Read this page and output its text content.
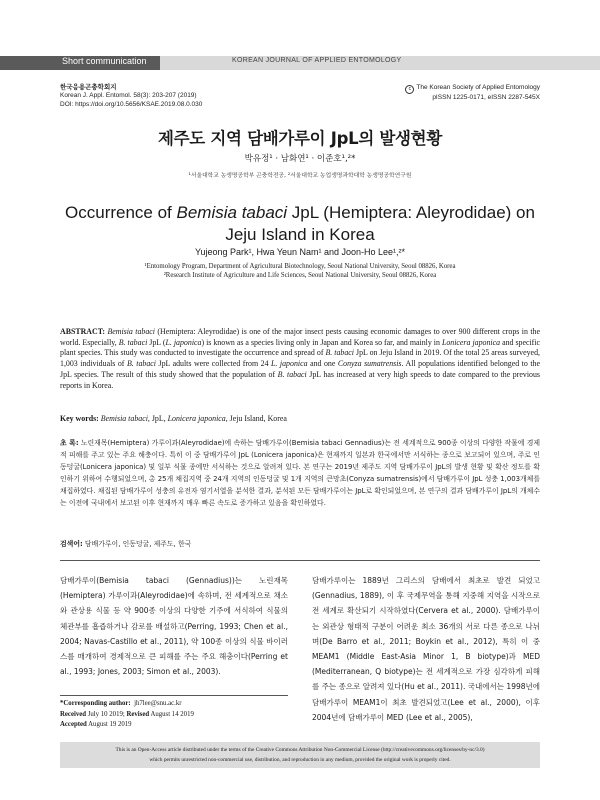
Short communication	KOREAN JOURNAL OF APPLIED ENTOMOLOGY
한국응용곤충학회지
Korean J. Appl. Entomol. 58(3): 203-207 (2019)
DOI: https://doi.org/10.5656/KSAE.2019.08.0.030
c The Korean Society of Applied Entomology
pISSN 1225-0171, eISSN 2287-545X
제주도 지역 담배가루이 JpL의 발생현황
박유정¹ · 남화연¹ · 이준호¹,²*
¹서울대학교 농생명공학부 곤충학전공, ²서울대학교 농업생명과학대학 농생명공학연구원
Occurrence of Bemisia tabaci JpL (Hemiptera: Aleyrodidae) on
Jeju Island in Korea
Yujeong Park¹, Hwa Yeun Nam¹ and Joon-Ho Lee¹,²*
¹Entomology Program, Department of Agricultural Biotechnology, Seoul National University, Seoul 08826, Korea
²Research Institute of Agriculture and Life Sciences, Seoul National University, Seoul 08826, Korea
ABSTRACT: Bemisia tabaci (Hemiptera: Aleyrodidae) is one of the major insect pests causing economic damages to over 900 different crops in the world. Especially, B. tabaci JpL (L. japonica) is known as a species living only in Japan and Korea so far, and mainly in Lonicera japonica and specific plant species. This study was conducted to investigate the occurrence and spread of B. tabaci JpL on Jeju Island in 2019. Of the total 25 areas surveyed, 1,003 individuals of B. tabaci JpL adults were collected from 24 L. japonica and one Conyza sumatrensis. All populations identified belonged to the JpL species. The result of this study showed that the population of B. tabaci JpL has increased at very high speeds to date compared to the previous reports in Korea.
Key words: Bemisia tabaci, JpL, Lonicera japonica, Jeju Island, Korea
초 록: 노린재목(Hemiptera) 가루이과(Aleyrodidae)에 속하는 담배가루이(Bemisia tabaci Gennadius)는 전 세계적으로 900종 이상의 다양한 작물에 경제적 피해를 주고 있는 주요 해충이다. 특히 이 중 담배가루이 JpL (Lonicera japonica)은 현재까지 일본과 한국에서만 서식하는 종으로 보고되어 있으며, 주로 인동덩굴(Lonicera japonica) 및 일부 식물 종에만 서식하는 것으로 알려져 있다. 본 연구는 2019년 제주도 지역 담배가루이 JpL의 발생 현황 및 확산 정도를 확인하기 위하여 수행되었으며, 총 25개 채집지역 중 24개 지역의 인동덩굴 및 1개 지역의 큰망초(Conyza sumatrensis)에서 담배가루이 JpL 성충 1,003개체를 채집하였다. 채집된 담배가루이 성충의 유전자 염기서열을 분석한 결과, 분석된 모든 담배가루이는 JpL로 확인되었으며, 본 연구의 결과 담배가루이 JpL의 개체수는 이전에 국내에서 보고된 이후 현재까지 매우 빠른 속도로 증가하고 있음을 확인하였다.
검색어: 담배가루이, 인동덩굴, 제주도, 한국
담배가루이(Bemisia tabaci (Gennadius))는 노린재목(Hemiptera) 가루이과(Aleyrodidae)에 속하며, 전 세계적으로 채소와 관상용 식물 등 약 900종 이상의 다양한 기주에 서식하여 식물의 체관부를 흡즙하거나 감로를 배설하고(Perring, 1993; Chen et al., 2004; Navas-Castillo et al., 2011), 약 100종 이상의 식물 바이러스를 매개하여 경제적으로 큰 피해를 주는 주요 해충이다(Perring et al., 1993; Jones, 2003; Simon et al., 2003).
담배가루이는 1889년 그리스의 담배에서 최초로 발견 되었고(Gennadius, 1889), 이 후 국제무역을 통해 지중해 지역을 시작으로 전 세계로 확산되기 시작하였다(Cervera et al., 2000). 담배가루이는 외관상 형태적 구분이 어려운 최소 36개의 서로 다른 종으로 나뉘며(De Barro et al., 2011; Boykin et al., 2012), 특히 이 중 MEAM1 (Middle East-Asia Minor 1, B biotype)과 MED (Mediterranean, Q biotype)는 전 세계적으로 가장 심각하게 피해를 주는 종으로 알려져 있다(Hu et al., 2011). 국내에서는 1998년에 담배가루이 MEAM1이 최초 발견되었고(Lee et al., 2000), 이후 2004년에 담배가루이 MED (Lee et al., 2005),
*Corresponding author: jh7lee@snu.ac.kr
Received July 10 2019; Revised August 14 2019
Accepted August 19 2019
This is an Open-Access article distributed under the terms of the Creative Commons Attribution Non-Commercial License (http://creativecommons.org/licenses/by-nc/3.0)
which permits unrestricted non-commercial use, distribution, and reproduction in any medium, provided the original work is properly cited.
